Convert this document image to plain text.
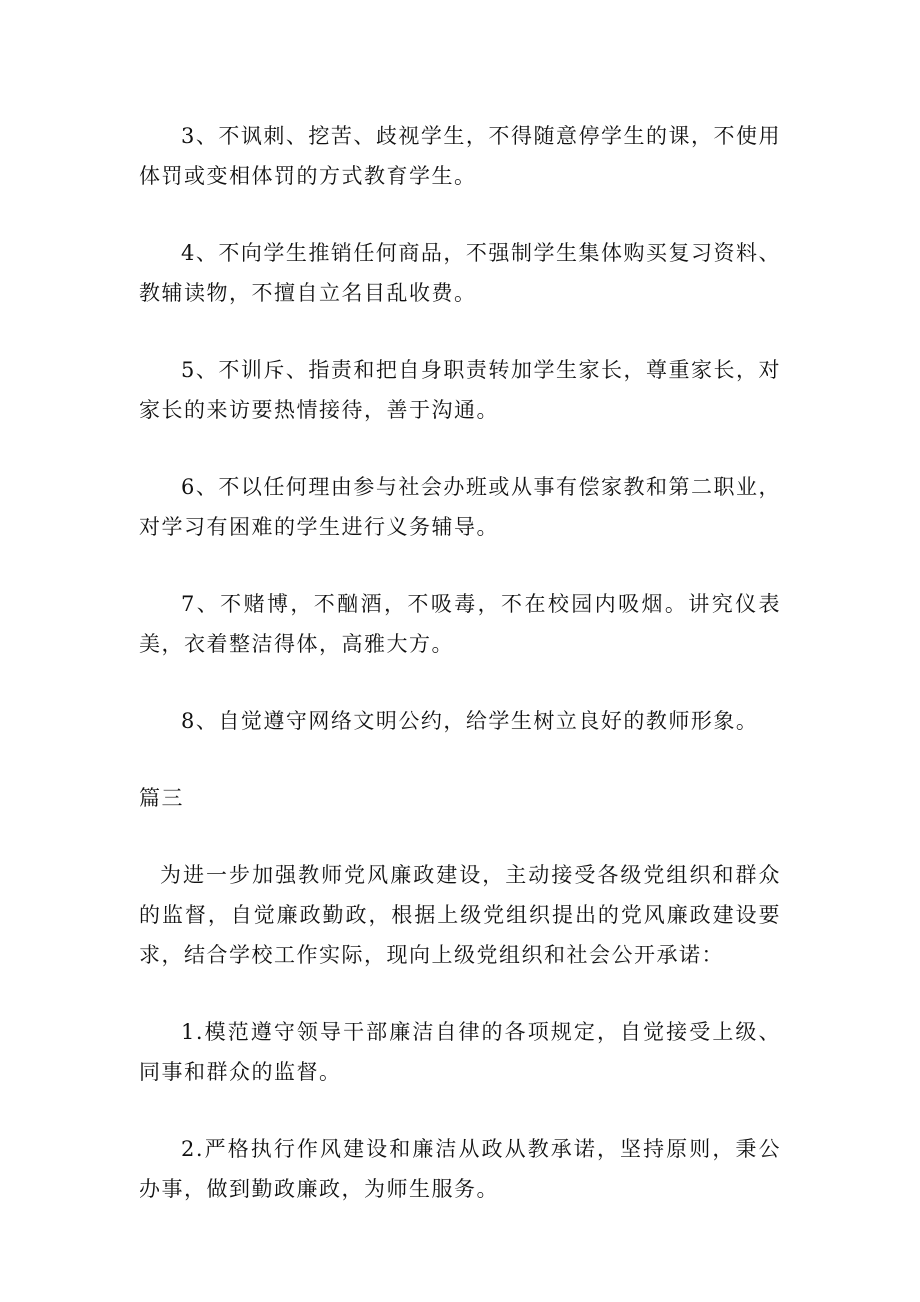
3、不讽刺、挖苦、歧视学生，不得随意停学生的课，不使用体罚或变相体罚的方式教育学生。

4、不向学生推销任何商品，不强制学生集体购买复习资料、教辅读物，不擅自立名目乱收费。

5、不训斥、指责和把自身职责转加学生家长，尊重家长，对家长的来访要热情接待，善于沟通。

6、不以任何理由参与社会办班或从事有偿家教和第二职业，对学习有困难的学生进行义务辅导。

7、不赌博，不酗酒，不吸毒，不在校园内吸烟。讲究仪表美，衣着整洁得体，高雅大方。

8、自觉遵守网络文明公约，给学生树立良好的教师形象。

篇三

为进一步加强教师党风廉政建设，主动接受各级党组织和群众的监督，自觉廉政勤政，根据上级党组织提出的党风廉政建设要求，结合学校工作实际，现向上级党组织和社会公开承诺：

1.模范遵守领导干部廉洁自律的各项规定，自觉接受上级、同事和群众的监督。

2.严格执行作风建设和廉洁从政从教承诺，坚持原则，秉公办事，做到勤政廉政，为师生服务。
